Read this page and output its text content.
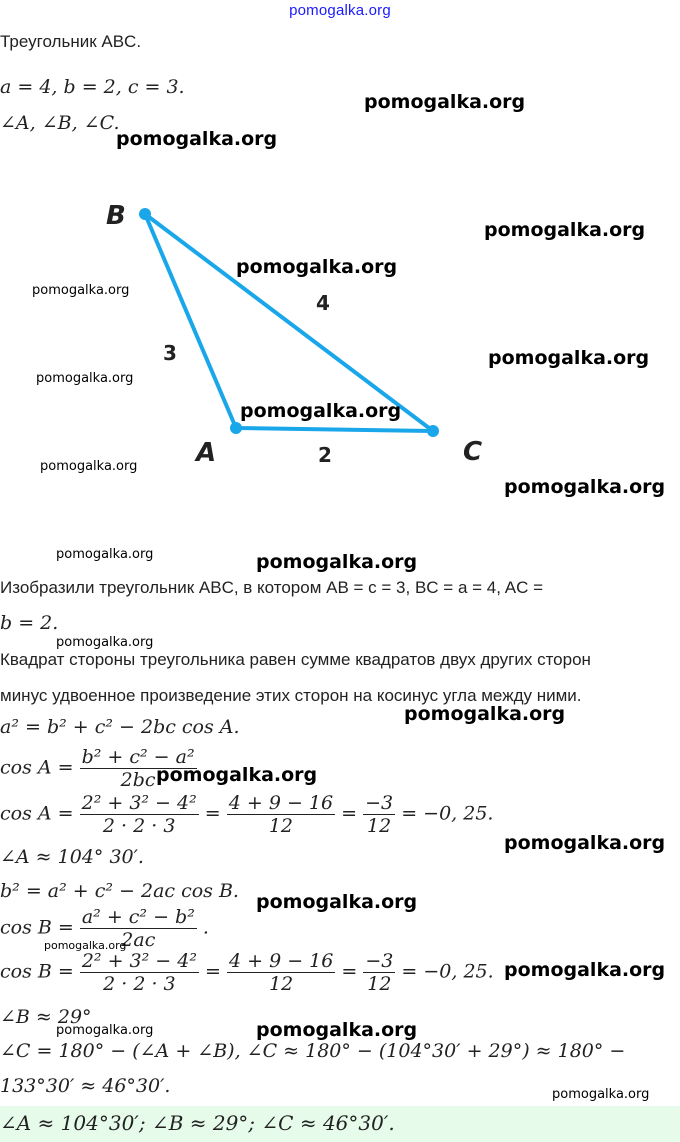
pomogalka.org
Треугольник ABC.
a = 4, b = 2, c = 3.
∠A, ∠B, ∠C.
B
A	C
3
4
2
Изобразили треугольник ABC, в котором AB = c = 3, BC = a = 4, AC =
b = 2.
Квадрат стороны треугольника равен сумме квадратов двух других сторон
минус удвоенное произведение этих сторон на косинус угла между ними.
a² = b² + c² − 2bc cos A.
$\cos A = \frac{\text{b² + c² − a²}}{2bc}$
$\cos A = \frac{\text{2² + 3² − 4²}}{2 \cdot 2 \cdot 3} = \frac{4 + 9 - 16}{12} = \frac{-3}{12} = -0$, 25.
∠A ≈ 104° 30′.
b² = a² + c² − 2ac cos B.
$\cos B = \frac{\text{a² + c² − b²}}{2ac}$ .
$\cos B = \frac{\text{2² + 3² − 4²}}{2 \cdot 2 \cdot 3} = \frac{4 + 9 - 16}{12} = \frac{-3}{12} = -0$, 25.
∠B ≈ 29°
∠C = 180° − (∠A + ∠B), ∠C ≈ 180° − (104°30′ + 29°) ≈ 180° −
133°30′ ≈ 46°30′.
∠A ≈ 104°30′; ∠B ≈ 29°; ∠C ≈ 46°30′.
pomogalka.org
pomogalka.org
pomogalka.org
pomogalka.org
pomogalka.org
pomogalka.org
pomogalka.org
pomogalka.org
pomogalka.org
pomogalka.org
pomogalka.org	pomogalka.org
pomogalka.org
pomogalka.org
pomogalka.org
pomogalka.org
pomogalka.org
pomogalka.org
pomogalka.org
pomogalka.org	pomogalka.org
pomogalka.org
